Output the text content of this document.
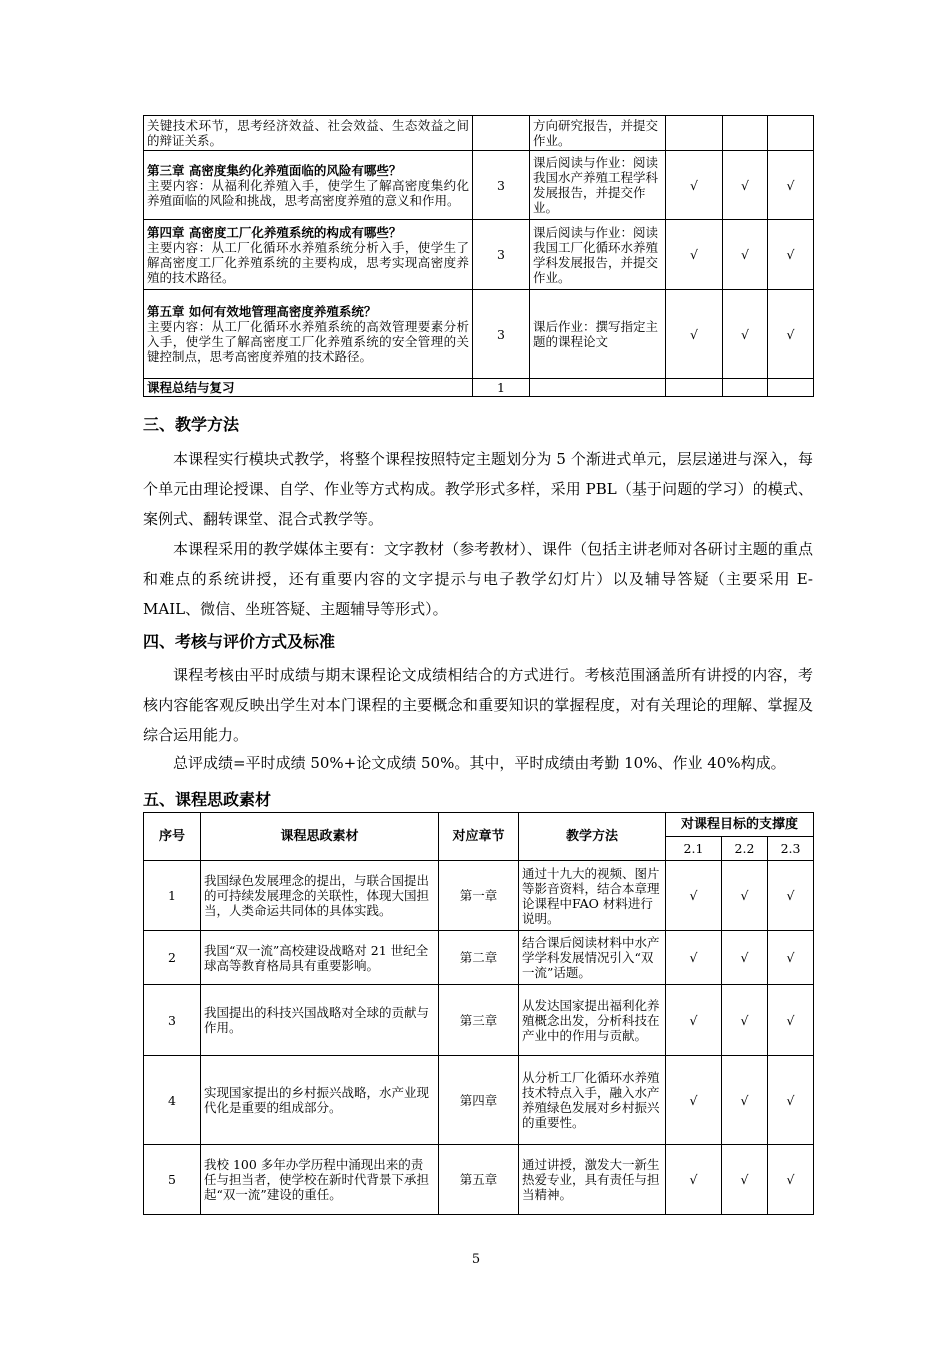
关键技术环节，思考经济效益、社会效益、生态效益之间的辩证关系。		方向研究报告，并提交作业。			

第三章 高密度集约化养殖面临的风险有哪些？
主要内容：从福利化养殖入手，使学生了解高密度集约化养殖面临的风险和挑战，思考高密度养殖的意义和作用。	3	课后阅读与作业：阅读我国水产养殖工程学科发展报告，并提交作业。	√	√	√

第四章 高密度工厂化养殖系统的构成有哪些？
主要内容：从工厂化循环水养殖系统分析入手，使学生了解高密度工厂化养殖系统的主要构成，思考实现高密度养殖的技术路径。	3	课后阅读与作业：阅读我国工厂化循环水养殖学科发展报告，并提交作业。	√	√	√

第五章 如何有效地管理高密度养殖系统？
主要内容：从工厂化循环水养殖系统的高效管理要素分析入手，使学生了解高密度工厂化养殖系统的安全管理的关键控制点，思考高密度养殖的技术路径。	3	课后作业：撰写指定主题的课程论文	√	√	√
课程总结与复习	1				
三、教学方法

本课程实行模块式教学，将整个课程按照特定主题划分为 5 个渐进式单元，层层递进与深入，每个单元由理论授课、自学、作业等方式构成。教学形式多样，采用 PBL（基于问题的学习）的模式、案例式、翻转课堂、混合式教学等。

本课程采用的教学媒体主要有：文字教材（参考教材）、课件（包括主讲老师对各研讨主题的重点和难点的系统讲授，还有重要内容的文字提示与电子教学幻灯片）以及辅导答疑（主要采用 E-MAIL、微信、坐班答疑、主题辅导等形式）。

四、考核与评价方式及标准

课程考核由平时成绩与期末课程论文成绩相结合的方式进行。考核范围涵盖所有讲授的内容，考核内容能客观反映出学生对本门课程的主要概念和重要知识的掌握程度，对有关理论的理解、掌握及综合运用能力。

总评成绩=平时成绩 50%+论文成绩 50%。其中，平时成绩由考勤 10%、作业 40%构成。

五、课程思政素材
序号	课程思政素材	对应章节	教学方法	对课程目标的支撑度		
				2.1	2.2	2.3
1	我国绿色发展理念的提出，与联合国提出的可持续发展理念的关联性，体现大国担当，人类命运共同体的具体实践。	第一章	通过十九大的视频、图片等影音资料，结合本章理论课程中FAO 材料进行说明。	√	√	√
2	我国“双一流”高校建设战略对 21 世纪全球高等教育格局具有重要影响。	第二章	结合课后阅读材料中水产学学科发展情况引入“双一流”话题。	√	√	√
3	我国提出的科技兴国战略对全球的贡献与作用。	第三章	从发达国家提出福利化养殖概念出发，分析科技在产业中的作用与贡献。	√	√	√
4	实现国家提出的乡村振兴战略，水产业现代化是重要的组成部分。	第四章	从分析工厂化循环水养殖技术特点入手，融入水产养殖绿色发展对乡村振兴的重要性。	√	√	√
5	我校 100 多年办学历程中涌现出来的责任与担当者，使学校在新时代背景下承担起“双一流”建设的重任。	第五章	通过讲授，激发大一新生热爱专业，具有责任与担当精神。	√	√	√
5
